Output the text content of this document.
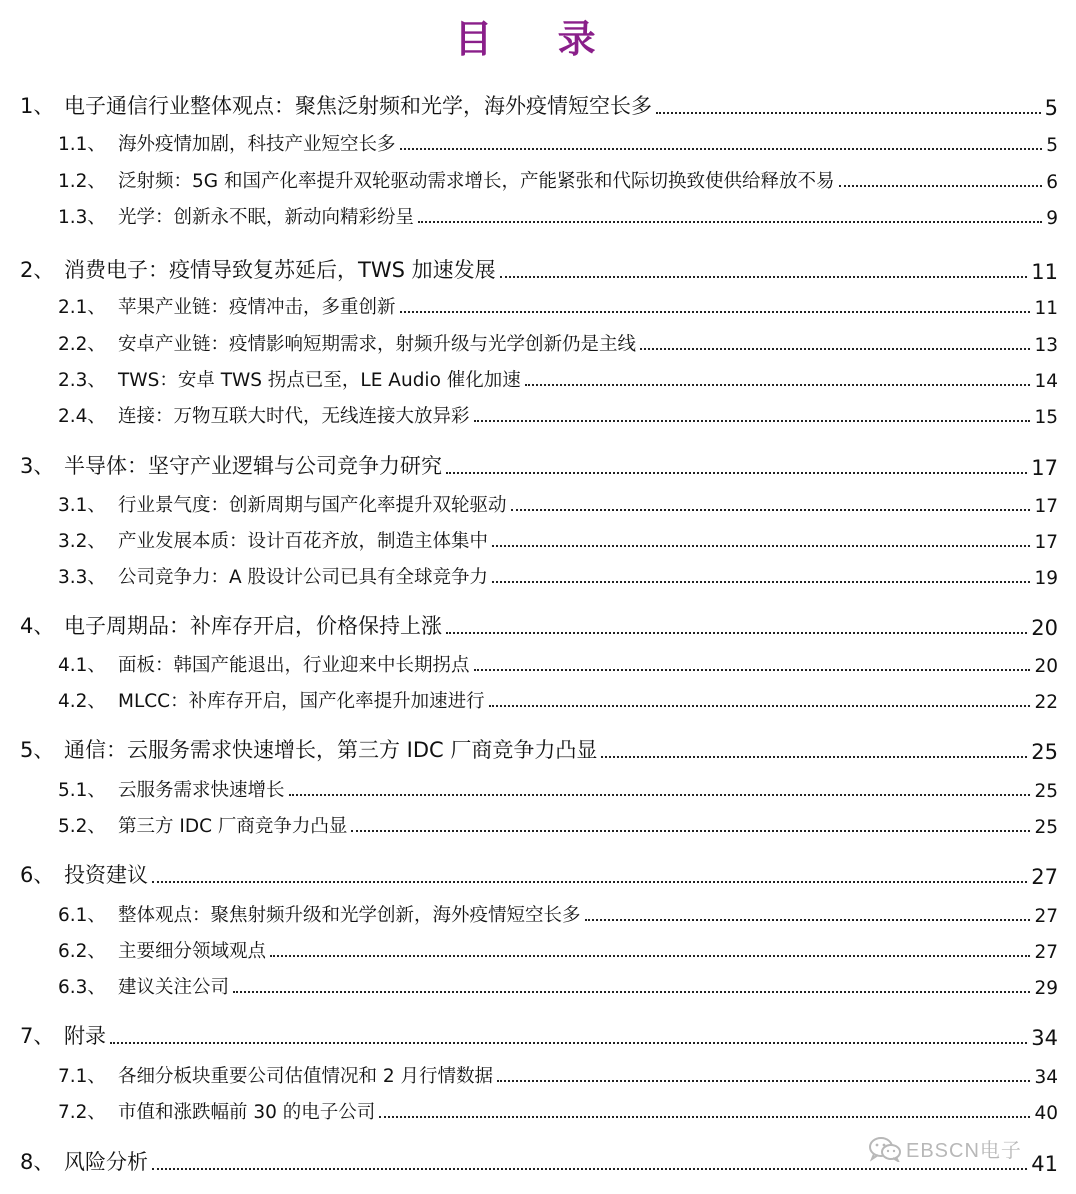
目 录
1、 电子通信行业整体观点：聚焦泛射频和光学，海外疫情短空长多	5
1.1、 海外疫情加剧，科技产业短空长多	5
1.2、 泛射频：5G 和国产化率提升双轮驱动需求增长，产能紧张和代际切换致使供给释放不易	6
1.3、 光学：创新永不眠，新动向精彩纷呈	9
2、 消费电子：疫情导致复苏延后，TWS 加速发展	11
2.1、 苹果产业链：疫情冲击，多重创新	11
2.2、 安卓产业链：疫情影响短期需求，射频升级与光学创新仍是主线	13
2.3、 TWS：安卓 TWS 拐点已至，LE Audio 催化加速	14
2.4、 连接：万物互联大时代，无线连接大放异彩	15
3、 半导体：坚守产业逻辑与公司竞争力研究	17
3.1、 行业景气度：创新周期与国产化率提升双轮驱动	17
3.2、 产业发展本质：设计百花齐放，制造主体集中	17
3.3、 公司竞争力：A 股设计公司已具有全球竞争力	19
4、 电子周期品：补库存开启，价格保持上涨	20
4.1、 面板：韩国产能退出，行业迎来中长期拐点	20
4.2、 MLCC：补库存开启，国产化率提升加速进行	22
5、 通信：云服务需求快速增长，第三方 IDC 厂商竞争力凸显	25
5.1、 云服务需求快速增长	25
5.2、 第三方 IDC 厂商竞争力凸显	25
6、 投资建议	27
6.1、 整体观点：聚焦射频升级和光学创新，海外疫情短空长多	27
6.2、 主要细分领域观点	27
6.3、 建议关注公司	29
7、 附录	34
7.1、 各细分板块重要公司估值情况和 2 月行情数据	34
7.2、 市值和涨跌幅前 30 的电子公司	40
8、 风险分析	41
EBSCN电子
